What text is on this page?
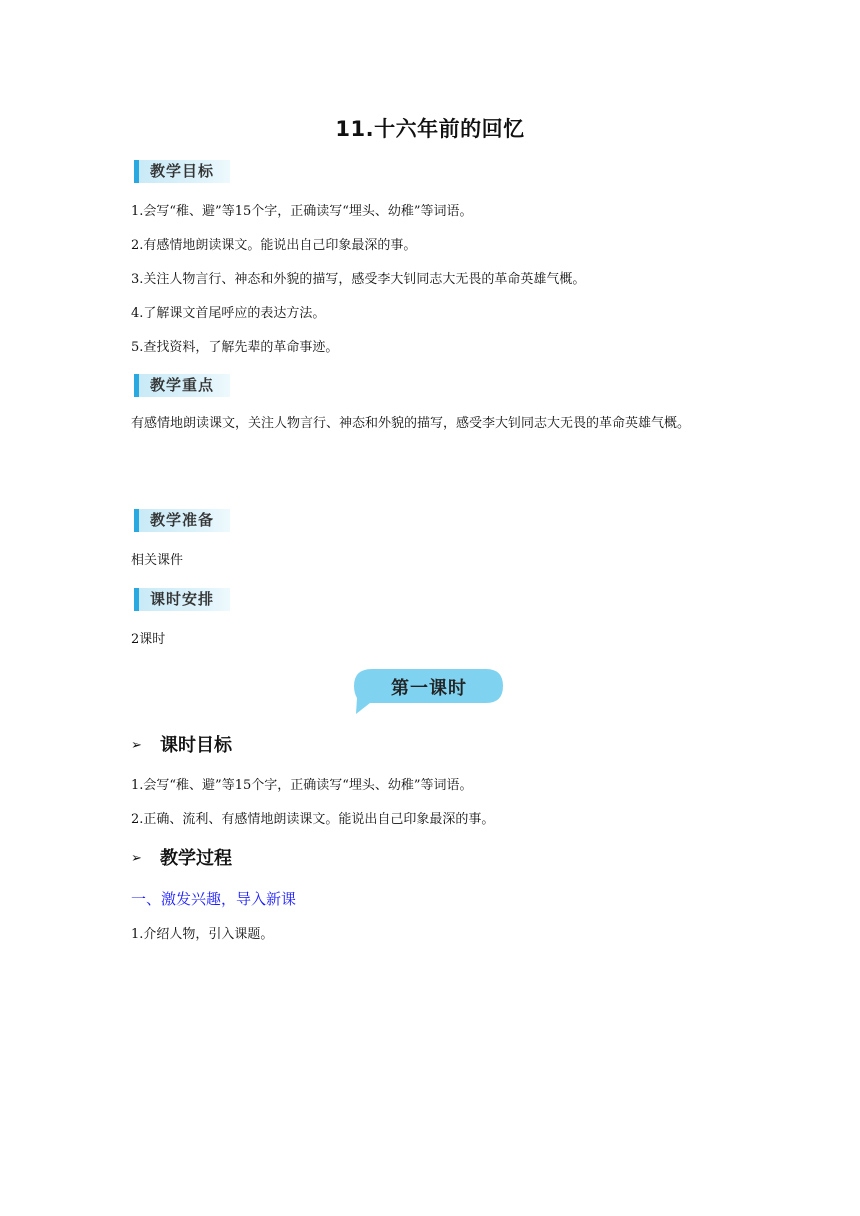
11.十六年前的回忆
教学目标
1.会写“稚、避”等15个字，正确读写“埋头、幼稚”等词语。
2.有感情地朗读课文。能说出自己印象最深的事。
3.关注人物言行、神态和外貌的描写，感受李大钊同志大无畏的革命英雄气概。
4.了解课文首尾呼应的表达方法。
5.查找资料，了解先辈的革命事迹。
教学重点
有感情地朗读课文，关注人物言行、神态和外貌的描写，感受李大钊同志大无畏的革命英雄气概。
教学准备
相关课件
课时安排
2课时
第一课时
➢ 课时目标
1.会写“稚、避”等15个字，正确读写“埋头、幼稚”等词语。
2.正确、流利、有感情地朗读课文。能说出自己印象最深的事。
➢ 教学过程
一、激发兴趣，导入新课
1.介绍人物，引入课题。
